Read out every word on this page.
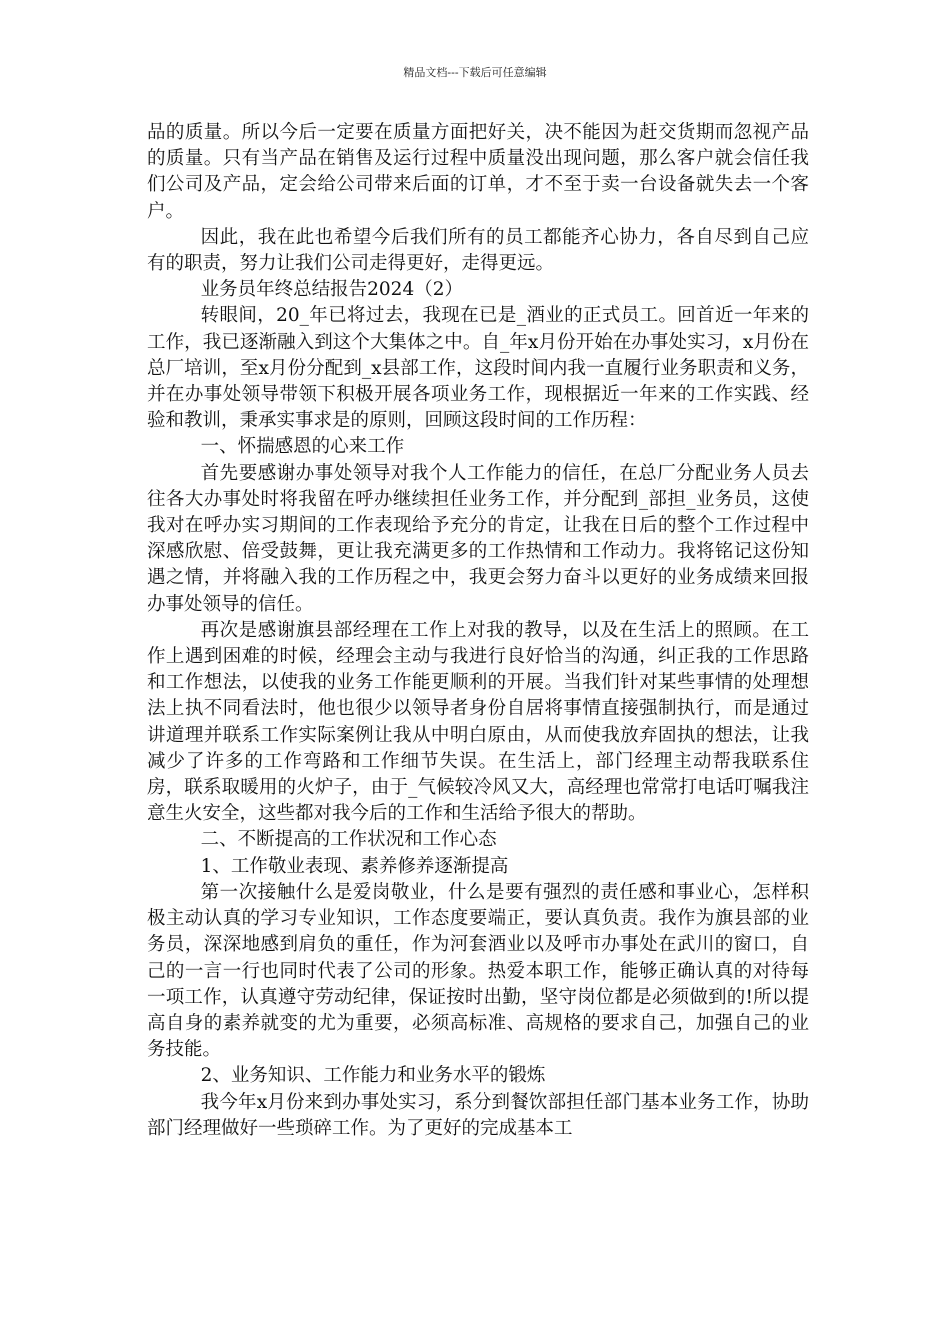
精品文档---下载后可任意编辑

品的质量。所以今后一定要在质量方面把好关，决不能因为赶交货期而忽视产品的质量。只有当产品在销售及运行过程中质量没出现问题，那么客户就会信任我们公司及产品，定会给公司带来后面的订单，才不至于卖一台设备就失去一个客户。

因此，我在此也希望今后我们所有的员工都能齐心协力，各自尽到自己应有的职责，努力让我们公司走得更好，走得更远。

业务员年终总结报告2024（2）

转眼间，20_年已将过去，我现在已是_酒业的正式员工。回首近一年来的工作，我已逐渐融入到这个大集体之中。自_年x月份开始在办事处实习，x月份在总厂培训，至x月份分配到_x县部工作，这段时间内我一直履行业务职责和义务，并在办事处领导带领下积极开展各项业务工作，现根据近一年来的工作实践、经验和教训，秉承实事求是的原则，回顾这段时间的工作历程：

一、怀揣感恩的心来工作

首先要感谢办事处领导对我个人工作能力的信任，在总厂分配业务人员去往各大办事处时将我留在呼办继续担任业务工作，并分配到_部担_业务员，这使我对在呼办实习期间的工作表现给予充分的肯定，让我在日后的整个工作过程中深感欣慰、倍受鼓舞，更让我充满更多的工作热情和工作动力。我将铭记这份知遇之情，并将融入我的工作历程之中，我更会努力奋斗以更好的业务成绩来回报办事处领导的信任。

再次是感谢旗县部经理在工作上对我的教导，以及在生活上的照顾。在工作上遇到困难的时候，经理会主动与我进行良好恰当的沟通，纠正我的工作思路和工作想法，以使我的业务工作能更顺利的开展。当我们针对某些事情的处理想法上执不同看法时，他也很少以领导者身份自居将事情直接强制执行，而是通过讲道理并联系工作实际案例让我从中明白原由，从而使我放弃固执的想法，让我减少了许多的工作弯路和工作细节失误。在生活上，部门经理主动帮我联系住房，联系取暖用的火炉子，由于_气候较冷风又大，高经理也常常打电话叮嘱我注意生火安全，这些都对我今后的工作和生活给予很大的帮助。

二、不断提高的工作状况和工作心态

1、工作敬业表现、素养修养逐渐提高

第一次接触什么是爱岗敬业，什么是要有强烈的责任感和事业心，怎样积极主动认真的学习专业知识，工作态度要端正，要认真负责。我作为旗县部的业务员，深深地感到肩负的重任，作为河套酒业以及呼市办事处在武川的窗口，自己的一言一行也同时代表了公司的形象。热爱本职工作，能够正确认真的对待每一项工作，认真遵守劳动纪律，保证按时出勤，坚守岗位都是必须做到的!所以提高自身的素养就变的尤为重要，必须高标准、高规格的要求自己，加强自己的业务技能。

2、业务知识、工作能力和业务水平的锻炼

我今年x月份来到办事处实习，系分到餐饮部担任部门基本业务工作，协助部门经理做好一些琐碎工作。为了更好的完成基本工
